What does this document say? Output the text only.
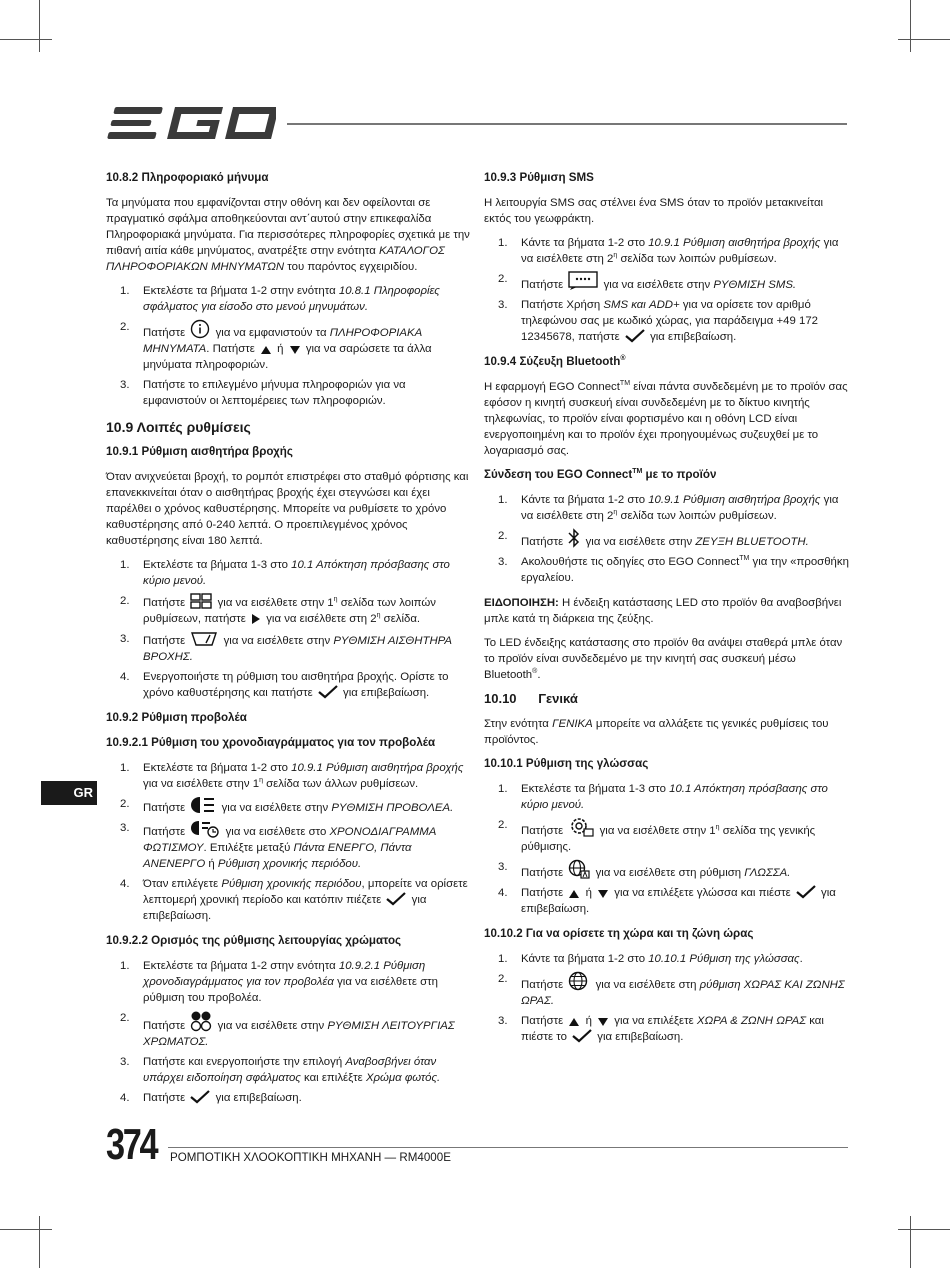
10.8.2 Πληροφοριακό μήνυμα

Τα μηνύματα που εμφανίζονται στην οθόνη και δεν οφείλονται σε πραγματικό σφάλμα αποθηκεύονται αντ΄αυτού στην επικεφαλίδα Πληροφοριακά μηνύματα. Για περισσότερες πληροφορίες σχετικά με την πιθανή αιτία κάθε μηνύματος, ανατρέξτε στην ενότητα ΚΑΤΑΛΟΓΟΣ ΠΛΗΡΟΦΟΡΙΑΚΩΝ ΜΗΝΥΜΑΤΩΝ του παρόντος εγχειριδίου.

1. Εκτελέστε τα βήματα 1-2 στην ενότητα 10.8.1 Πληροφορίες σφάλματος για είσοδο στο μενού μηνυμάτων.
2. Πατήστε
για να εμφανιστούν τα ΠΛΗΡΟΦΟΡΙΑΚΑ ΜΗΝΥΜΑΤΑ. Πατήστε
ή
για να σαρώσετε τα άλλα μηνύματα πληροφοριών.
3. Πατήστε το επιλεγμένο μήνυμα πληροφοριών για να εμφανιστούν οι λεπτομέρειες των πληροφοριών.
10.9 Λοιπές ρυθμίσεις
10.9.1 Ρύθμιση αισθητήρα βροχής

Όταν ανιχνεύεται βροχή, το ρομπότ επιστρέφει στο σταθμό φόρτισης και επανεκκινείται όταν ο αισθητήρας βροχής έχει στεγνώσει και έχει παρέλθει ο χρόνος καθυστέρησης. Μπορείτε να ρυθμίσετε το χρόνο καθυστέρησης από 0-240 λεπτά. Ο προεπιλεγμένος χρόνος καθυστέρησης είναι 180 λεπτά.

1. Εκτελέστε τα βήματα 1-3 στο 10.1 Απόκτηση πρόσβασης στο κύριο μενού.
2. Πατήστε
για να εισέλθετε στην $1^\eta$ σελίδα των λοιπών ρυθμίσεων, πατήστε
για να εισέλθετε στη $2^\eta$ σελίδα.
3. Πατήστε	για να εισέλθετε στην ΡΥΘΜΙΣΗ ΑΙΣΘΗΤΗΡΑ ΒΡΟΧΗΣ.
4. Ενεργοποιήστε τη ρύθμιση του αισθητήρα βροχής. Ορίστε το χρόνο καθυστέρησης και πατήστε
για επιβεβαίωση.
10.9.2 Ρύθμιση προβολέα
10.9.2.1 Ρύθμιση του χρονοδιαγράμματος για τον προβολέα
1. Εκτελέστε τα βήματα 1-2 στο 10.9.1 Ρύθμιση αισθητήρα βροχής για να εισέλθετε στην $1^\eta$ σελίδα των άλλων ρυθμίσεων.
2. Πατήστε	για να εισέλθετε στην ΡΥΘΜΙΣΗ ΠΡΟΒΟΛΕΑ.
3. Πατήστε	για να εισέλθετε στο ΧΡΟΝΟΔΙΑΓΡΑΜΜΑ ΦΩΤΙΣΜΟΥ. Επιλέξτε μεταξύ Πάντα ΕΝΕΡΓΟ, Πάντα ΑΝΕΝΕΡΓΟ ή Ρύθμιση χρονικής περιόδου.
4. Όταν επιλέγετε Ρύθμιση χρονικής περιόδου, μπορείτε να ορίσετε λεπτομερή χρονική περίοδο και κατόπιν πιέζετε
για επιβεβαίωση.
10.9.2.2 Ορισμός της ρύθμισης λειτουργίας χρώματος
1. Εκτελέστε τα βήματα 1-2 στην ενότητα 10.9.2.1 Ρύθμιση χρονοδιαγράμματος για τον προβολέα για να εισέλθετε στη ρύθμιση του προβολέα.
2.
Πατήστε
για να εισέλθετε στην ΡΥΘΜΙΣΗ ΛΕΙΤΟΥΡΓΙΑΣ ΧΡΩΜΑΤΟΣ.
3. Πατήστε και ενεργοποιήστε την επιλογή Αναβοσβήνει όταν υπάρχει ειδοποίηση σφάλματος και επιλέξτε Χρώμα φωτός.
4. Πατήστε
για επιβεβαίωση.
10.9.3 Ρύθμιση SMS

Η λειτουργία SMS σας στέλνει ένα SMS όταν το προϊόν μετακινείται εκτός του γεωφράκτη.

1. Κάντε τα βήματα 1-2 στο 10.9.1 Ρύθμιση αισθητήρα βροχής για να εισέλθετε στη $2^\eta$ σελίδα των λοιπών ρυθμίσεων.
2. Πατήστε	για να εισέλθετε στην ΡΥΘΜΙΣΗ SMS.
3. Πατήστε Χρήση SMS και ADD+ για να ορίσετε τον αριθμό τηλεφώνου σας με κωδικό χώρας, για παράδειγμα +49 172 12345678, πατήστε
για επιβεβαίωση.
10.9.4 Σύζευξη Bluetooth®

Η εφαρμογή EGO Connect™ είναι πάντα συνδεδεμένη με το προϊόν σας εφόσον η κινητή συσκευή είναι συνδεδεμένη με το δίκτυο κινητής τηλεφωνίας, το προϊόν είναι φορτισμένο και η οθόνη LCD είναι ενεργοποιημένη και το προϊόν έχει προηγουμένως συζευχθεί με το λογαριασμό σας.

Σύνδεση του EGO Connect™ με το προϊόν
1. Κάντε τα βήματα 1-2 στο 10.9.1 Ρύθμιση αισθητήρα βροχής για να εισέλθετε στη $2^\eta$ σελίδα των λοιπών ρυθμίσεων.
2. Πατήστε
για να εισέλθετε στην ΖΕΥΞΗ BLUETOOTH.
3. Ακολουθήστε τις οδηγίες στο EGO Connect™ για την «προσθήκη εργαλείου.

ΕΙΔΟΠΟΙΗΣΗ: Η ένδειξη κατάστασης LED στο προϊόν θα αναβοσβήνει μπλε κατά τη διάρκεια της ζεύξης.

Το LED ένδειξης κατάστασης στο προϊόν θα ανάψει σταθερά μπλε όταν το προϊόν είναι συνδεδεμένο με την κινητή σας συσκευή μέσω Bluetooth®.

10.10      Γενικά

Στην ενότητα ΓΕΝΙΚΑ μπορείτε να αλλάξετε τις γενικές ρυθμίσεις του προϊόντος.

10.10.1 Ρύθμιση της γλώσσας
1. Εκτελέστε τα βήματα 1-3 στο 10.1 Απόκτηση πρόσβασης στο κύριο μενού.
2. Πατήστε	για να εισέλθετε στην $1^\eta$ σελίδα της γενικής ρύθμισης.
3. Πατήστε
για να εισέλθετε στη ρύθμιση ΓΛΩΣΣΑ.
4. Πατήστε
ή
για να επιλέξετε γλώσσα και πιέστε
για επιβεβαίωση.
10.10.2 Για να ορίσετε τη χώρα και τη ζώνη ώρας
1. Κάντε τα βήματα 1-2 στο 10.10.1 Ρύθμιση της γλώσσας.
2. Πατήστε
για να εισέλθετε στη ρύθμιση ΧΩΡΑΣ ΚΑΙ ΖΩΝΗΣ ΩΡΑΣ.
3. Πατήστε
ή
για να επιλέξετε ΧΩΡΑ & ΖΩΝΗ ΩΡΑΣ και πιέστε το
για επιβεβαίωση.
GR
374 ΡΟΜΠΟΤΙΚΗ ΧΛΟΟΚΟΠΤΙΚΗ ΜΗΧΑΝΗ — RM4000E
